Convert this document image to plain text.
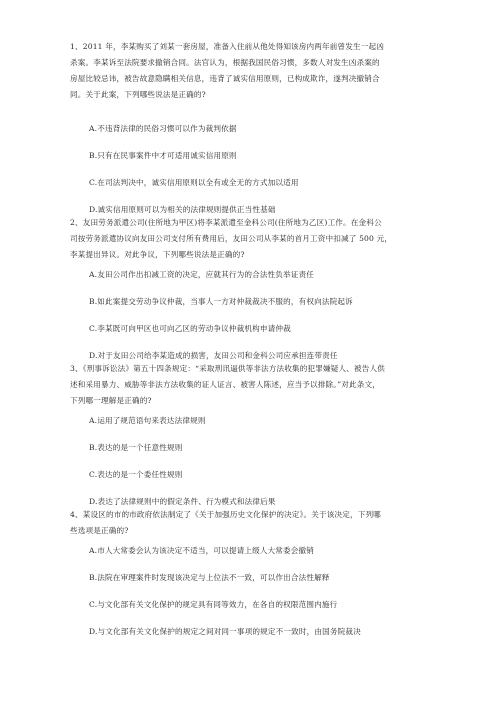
1、2011 年，李某购买了刘某一套房屋，准备入住前从他处得知该房内两年前曾发生一起凶
杀案。李某诉至法院要求撤销合同。法官认为，根据我国民俗习惯，多数人对发生凶杀案的
房屋比较忌讳，被告故意隐瞒相关信息，违背了诚实信用原则，已构成欺诈，遂判决撤销合
同。关于此案，下列哪些说法是正确的?
A.不违背法律的民俗习惯可以作为裁判依据
B.只有在民事案件中才可适用诚实信用原则
C.在司法判决中，诚实信用原则以全有或全无的方式加以适用
D.诚实信用原则可以为相关的法律规则提供正当性基础
2、友田劳务派遣公司(住所地为甲区)将李某派遣至金科公司(住所地为乙区)工作。在金科公
司按劳务派遣协议向友田公司支付所有费用后，友田公司从李某的首月工资中扣减了 500 元，
李某提出异议。对此争议，下列哪些说法是正确的?
A.友田公司作出扣减工资的决定，应就其行为的合法性负举证责任
B.如此案提交劳动争议仲裁，当事人一方对仲裁裁决不服的，有权向法院起诉
C.李某既可向甲区也可向乙区的劳动争议仲裁机构申请仲裁
D.对于友田公司给李某造成的损害，友田公司和金科公司应承担连带责任
3、《刑事诉讼法》第五十四条规定：“采取刑讯逼供等非法方法收集的犯罪嫌疑人、被告人供
述和采用暴力、威胁等非法方法收集的证人证言、被害人陈述，应当予以排除。”对此条文，
下列哪一理解是正确的?
A.运用了规范语句来表达法律规则
B.表达的是一个任意性规则
C.表达的是一个委任性规则
D.表达了法律规则中的假定条件、行为模式和法律后果
4、某设区的市的市政府依法制定了《关于加强历史文化保护的决定》。关于该决定，下列哪
些选项是正确的?
A.市人大常委会认为该决定不适当，可以提请上级人大常委会撤销
B.法院在审理案件时发现该决定与上位法不一致，可以作出合法性解释
C.与文化部有关文化保护的规定具有同等效力，在各自的权限范围内施行
D.与文化部有关文化保护的规定之间对同一事项的规定不一致时，由国务院裁决
